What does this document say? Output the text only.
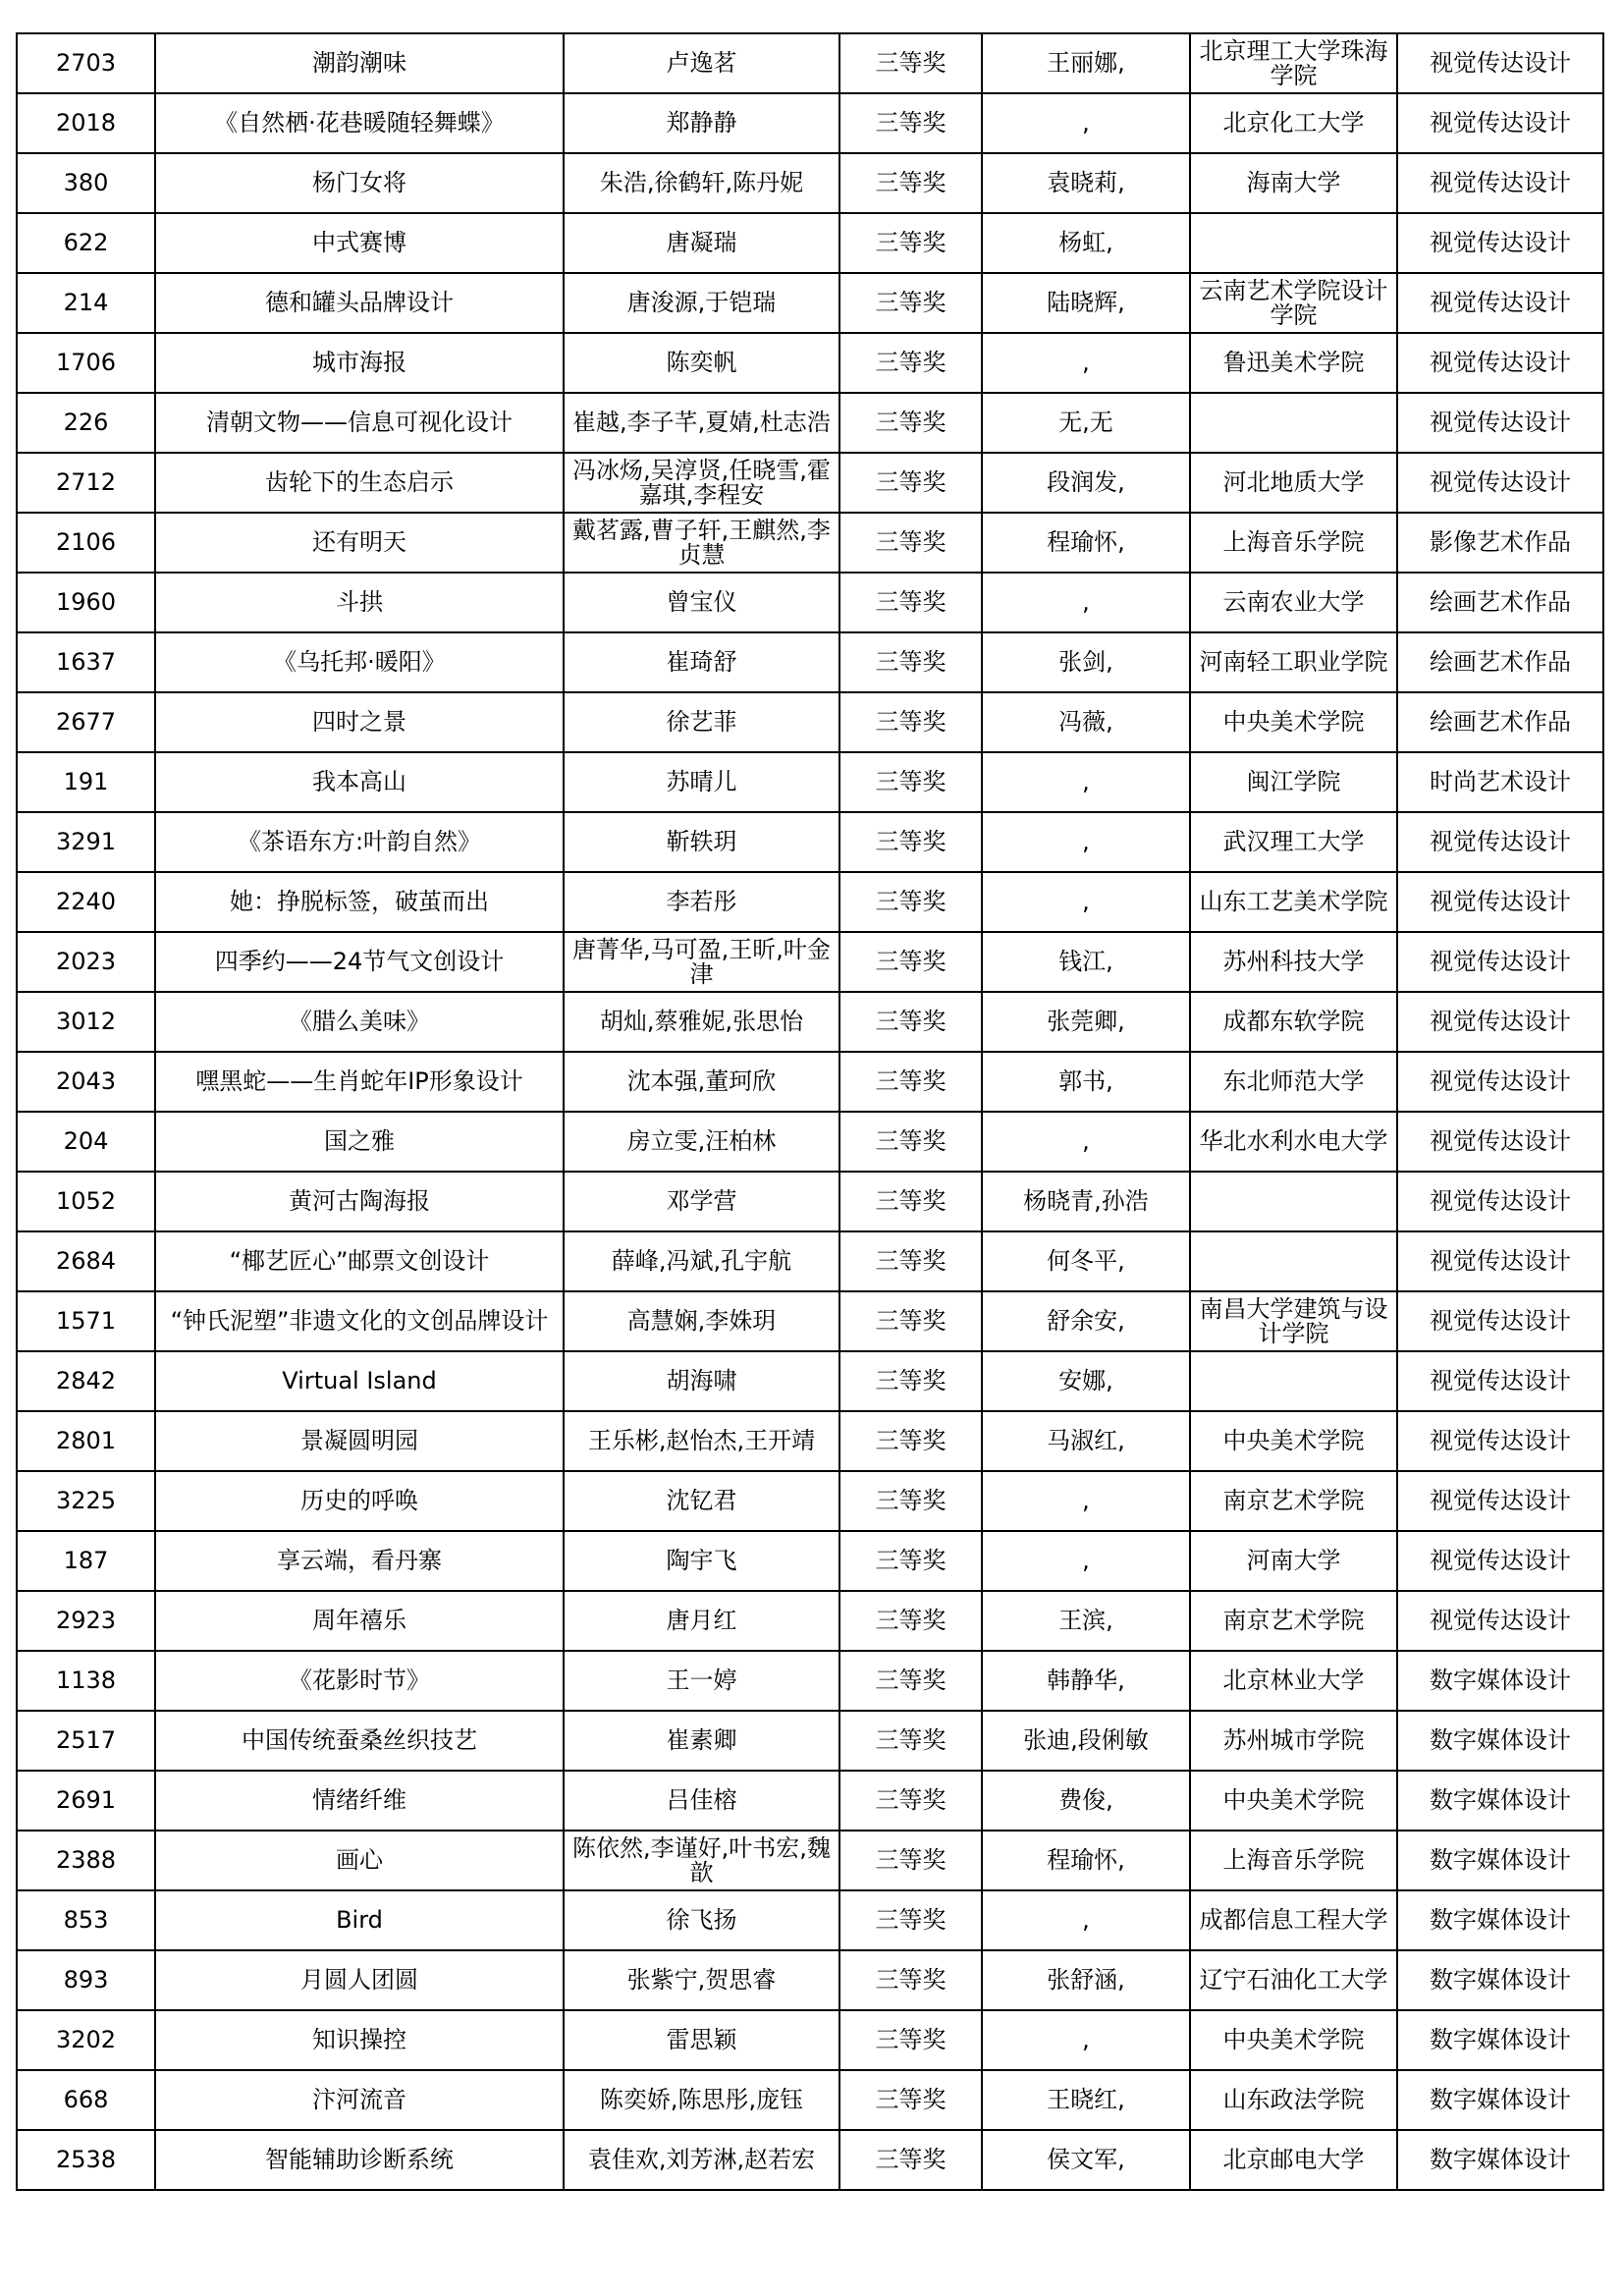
2703	潮韵潮味	卢逸茗	三等奖	王丽娜,	北京理工大学珠海学院	视觉传达设计
2018	《自然栖·花巷暖随轻舞蝶》	郑静静	三等奖	,	北京化工大学	视觉传达设计
380	杨门女将	朱浩,徐鹤轩,陈丹妮	三等奖	袁晓莉,	海南大学	视觉传达设计
622	中式赛博	唐凝瑞	三等奖	杨虹,		视觉传达设计
214	德和罐头品牌设计	唐浚源,于铠瑞	三等奖	陆晓辉,	云南艺术学院设计学院	视觉传达设计
1706	城市海报	陈奕帆	三等奖	,	鲁迅美术学院	视觉传达设计
226	清朝文物——信息可视化设计	崔越,李子芊,夏婧,杜志浩	三等奖	无,无		视觉传达设计
2712	齿轮下的生态启示	冯冰炀,吴淳贤,任晓雪,霍嘉琪,李程安	三等奖	段润发,	河北地质大学	视觉传达设计
2106	还有明天	戴茗露,曹子轩,王麒然,李贞慧	三等奖	程瑜怀,	上海音乐学院	影像艺术作品
1960	斗拱	曾宝仪	三等奖	,	云南农业大学	绘画艺术作品
1637	《乌托邦·暖阳》	崔琦舒	三等奖	张剑,	河南轻工职业学院	绘画艺术作品
2677	四时之景	徐艺菲	三等奖	冯薇,	中央美术学院	绘画艺术作品
191	我本高山	苏晴儿	三等奖	,	闽江学院	时尚艺术设计
3291	《茶语东方:叶韵自然》	靳轶玥	三等奖	,	武汉理工大学	视觉传达设计
2240	她：挣脱标签，破茧而出	李若彤	三等奖	,	山东工艺美术学院	视觉传达设计
2023	四季约——24节气文创设计	唐菁华,马可盈,王昕,叶金津	三等奖	钱江,	苏州科技大学	视觉传达设计
3012	《腊么美味》	胡灿,蔡雅妮,张思怡	三等奖	张莞卿,	成都东软学院	视觉传达设计
2043	嘿黑蛇——生肖蛇年IP形象设计	沈本强,董珂欣	三等奖	郭书,	东北师范大学	视觉传达设计
204	国之雅	房立雯,汪柏林	三等奖	,	华北水利水电大学	视觉传达设计
1052	黄河古陶海报	邓学营	三等奖	杨晓青,孙浩		视觉传达设计
2684	“椰艺匠心”邮票文创设计	薛峰,冯斌,孔宇航	三等奖	何冬平,		视觉传达设计
1571	“钟氏泥塑”非遗文化的文创品牌设计	高慧娴,李姝玥	三等奖	舒余安,	南昌大学建筑与设计学院	视觉传达设计
2842	Virtual Island	胡海啸	三等奖	安娜,		视觉传达设计
2801	景凝圆明园	王乐彬,赵怡杰,王开靖	三等奖	马淑红,	中央美术学院	视觉传达设计
3225	历史的呼唤	沈钇君	三等奖	,	南京艺术学院	视觉传达设计
187	享云端，看丹寨	陶宇飞	三等奖	,	河南大学	视觉传达设计
2923	周年禧乐	唐月红	三等奖	王滨,	南京艺术学院	视觉传达设计
1138	《花影时节》	王一婷	三等奖	韩静华,	北京林业大学	数字媒体设计
2517	中国传统蚕桑丝织技艺	崔素卿	三等奖	张迪,段俐敏	苏州城市学院	数字媒体设计
2691	情绪纤维	吕佳榕	三等奖	费俊,	中央美术学院	数字媒体设计
2388	画心	陈依然,李谨好,叶书宏,魏歆	三等奖	程瑜怀,	上海音乐学院	数字媒体设计
853	Bird	徐飞扬	三等奖	,	成都信息工程大学	数字媒体设计
893	月圆人团圆	张紫宁,贺思睿	三等奖	张舒涵,	辽宁石油化工大学	数字媒体设计
3202	知识操控	雷思颖	三等奖	,	中央美术学院	数字媒体设计
668	汴河流音	陈奕娇,陈思彤,庞钰	三等奖	王晓红,	山东政法学院	数字媒体设计
2538	智能辅助诊断系统	袁佳欢,刘芳淋,赵若宏	三等奖	侯文军,	北京邮电大学	数字媒体设计
